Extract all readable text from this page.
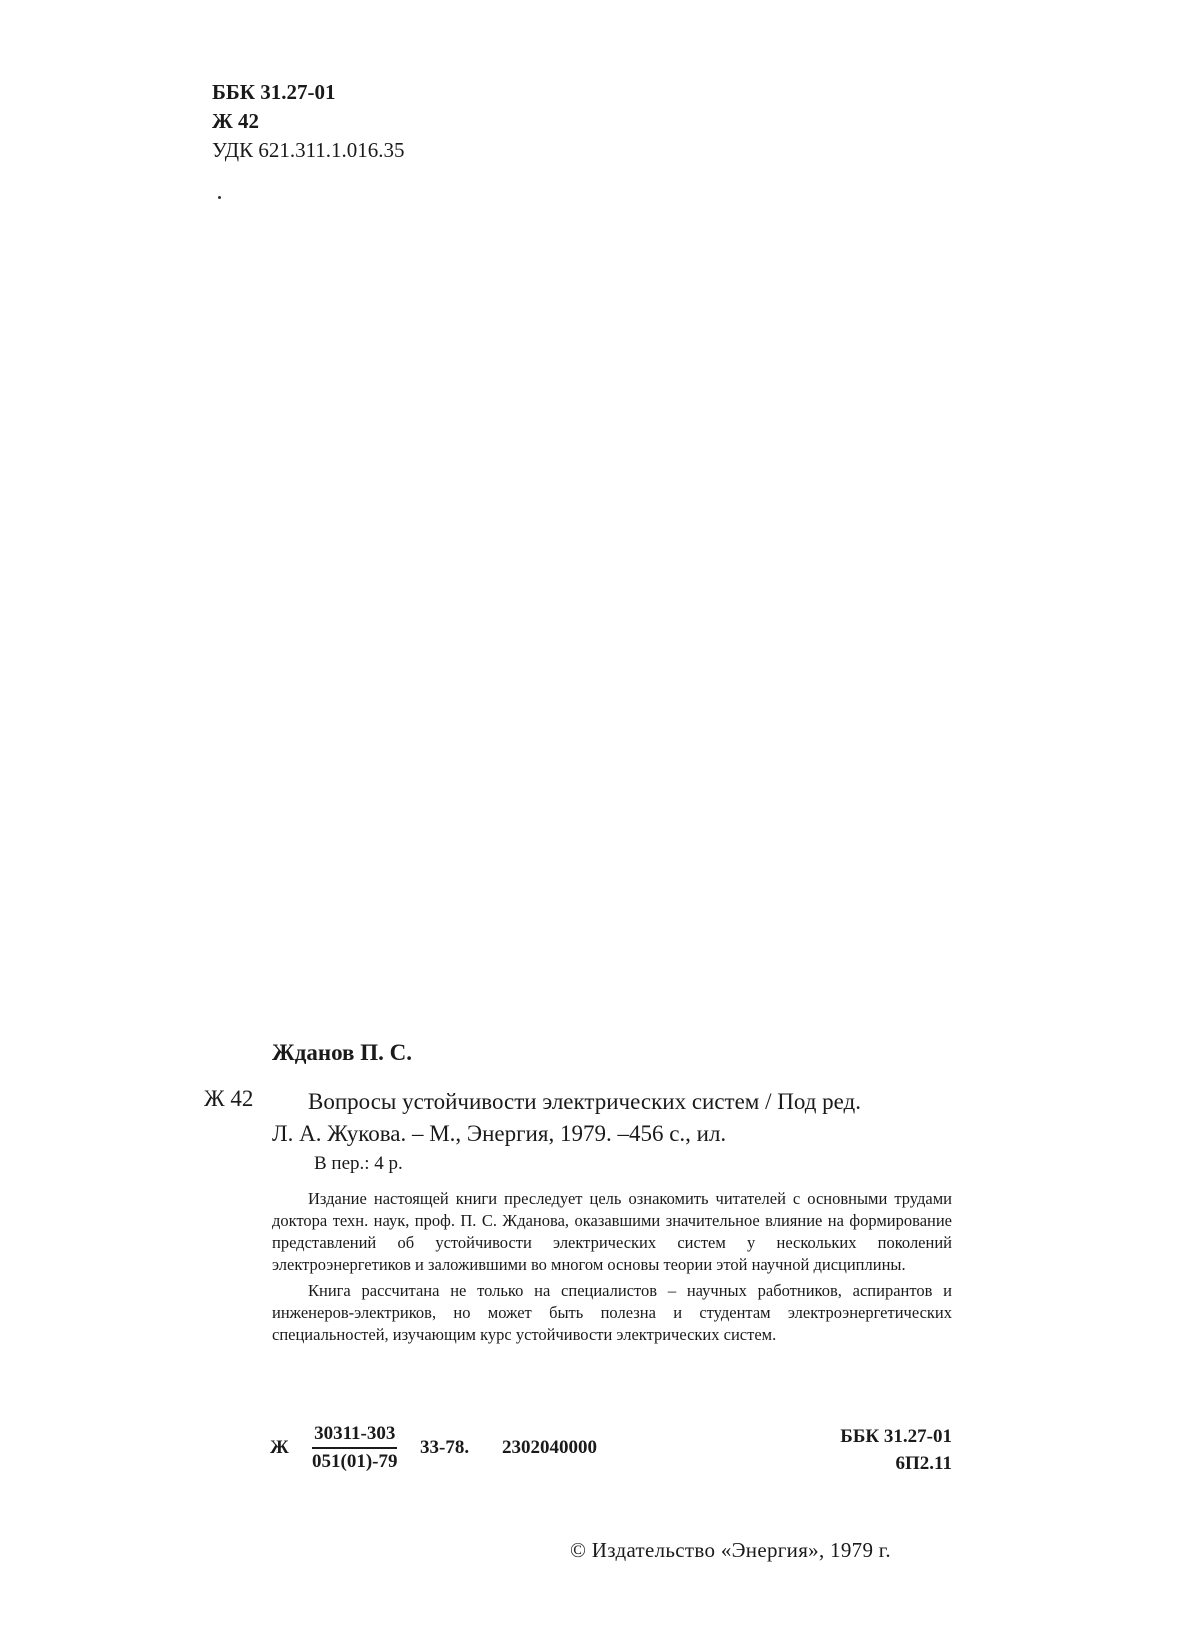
ББК 31.27-01
Ж 42
УДК 621.311.1.016.35
Жданов П. С.
Ж 42	Вопросы устойчивости электрических систем / Под ред.
Л. А. Жукова. – М., Энергия, 1979. –456 с., ил.
В пер.: 4 р.

Издание настоящей книги преследует цель ознакомить читателей с основными трудами доктора техн. наук, проф. П. С. Жданова, оказавшими значительное влияние на формирование представлений об устойчивости электрических систем у нескольких поколений электроэнергетиков и заложившими во многом основы теории этой научной дисциплины.

Книга рассчитана не только на специалистов – научных работников, аспирантов и инженеров-электриков, но может быть полезна и студентам электроэнергетических специальностей, изучающим курс устойчивости электрических систем.

Ж $\frac{30311-303}{051(01)-79} 33-78$. 2302040000
ББК 31.27-01
6П2.11
© Издательство «Энергия», 1979 г.
